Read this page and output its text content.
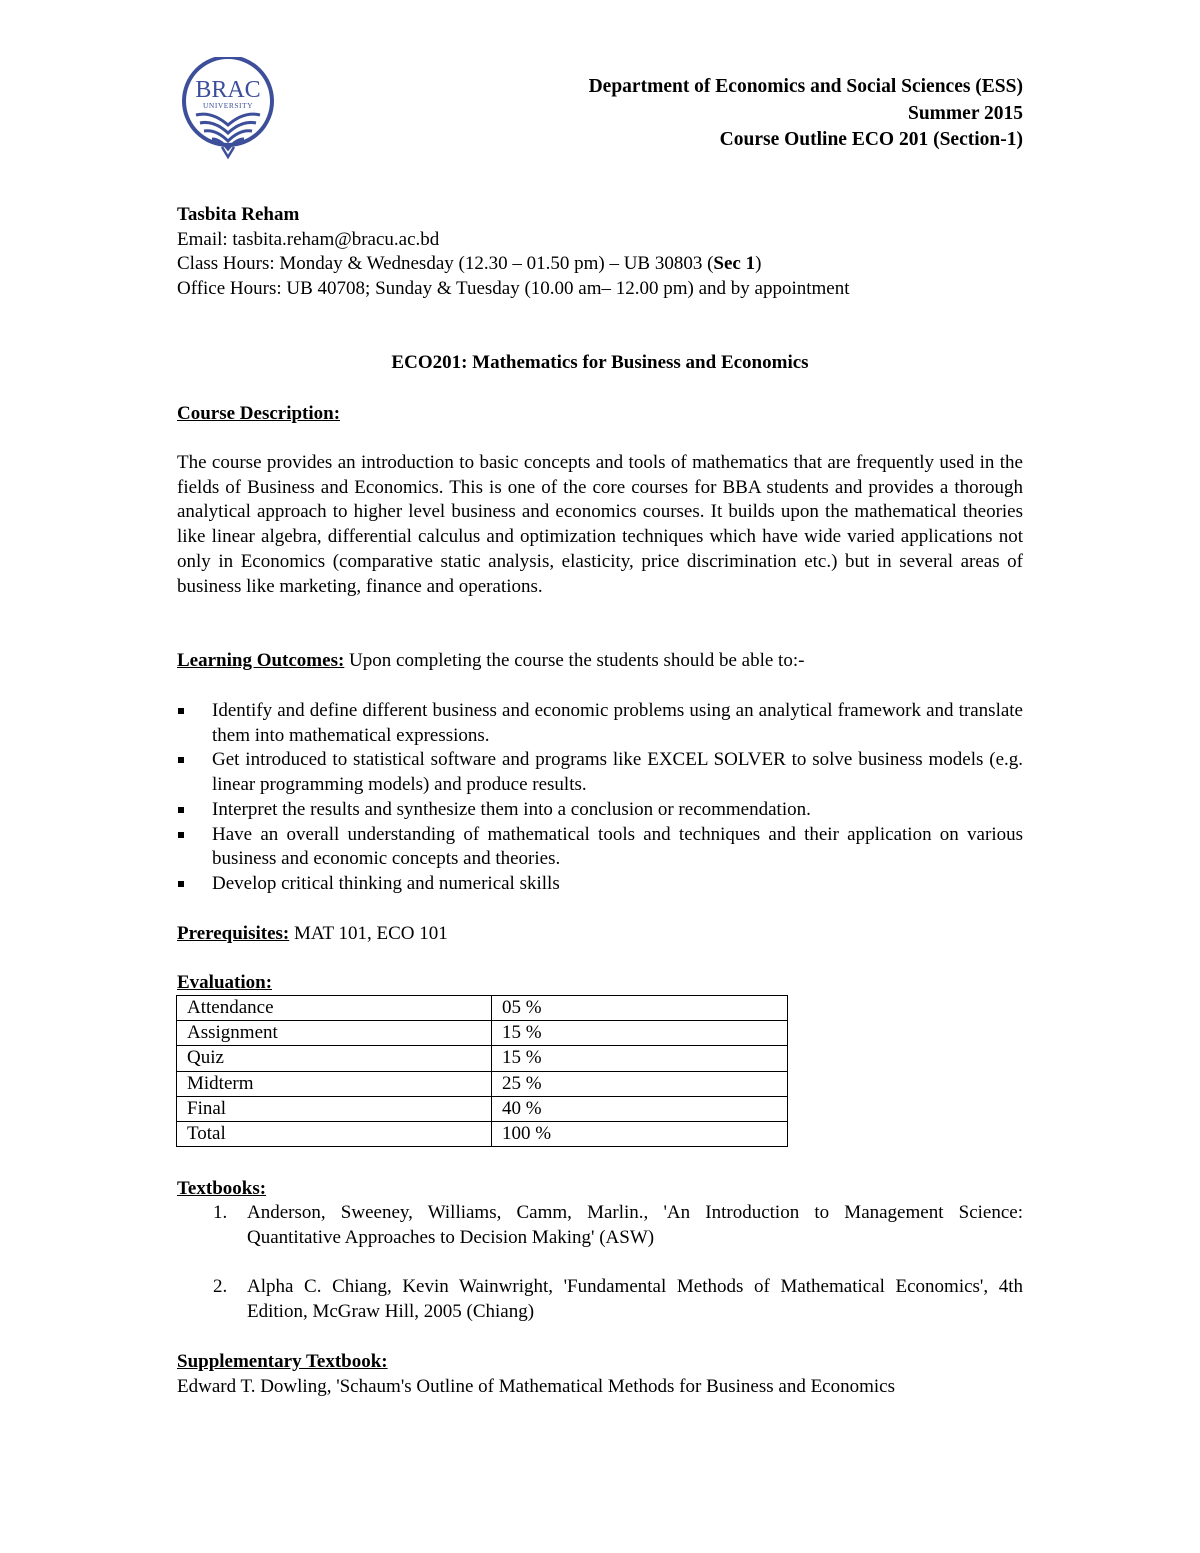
BRAC
UNIVERSITY
Department of Economics and Social Sciences (ESS)
Summer 2015
Course Outline ECO 201 (Section-1)
Tasbita Reham
Email: tasbita.reham@bracu.ac.bd
Class Hours: Monday & Wednesday (12.30 – 01.50 pm) – UB 30803 (Sec 1)
Office Hours: UB 40708; Sunday & Tuesday (10.00 am– 12.00 pm) and by appointment
ECO201: Mathematics for Business and Economics
Course Description:
The course provides an introduction to basic concepts and tools of mathematics that are frequently used in the fields of Business and Economics. This is one of the core courses for BBA students and provides a thorough analytical approach to higher level business and economics courses. It builds upon the mathematical theories like linear algebra, differential calculus and optimization techniques which have wide varied applications not only in Economics (comparative static analysis, elasticity, price discrimination etc.) but in several areas of business like marketing, finance and operations.
Learning Outcomes: Upon completing the course the students should be able to:-
Identify and define different business and economic problems using an analytical framework and translate them into mathematical expressions.
Get introduced to statistical software and programs like EXCEL SOLVER to solve business models (e.g. linear programming models) and produce results.
Interpret the results and synthesize them into a conclusion or recommendation.
Have an overall understanding of mathematical tools and techniques and their application on various business and economic concepts and theories.
Develop critical thinking and numerical skills
Prerequisites: MAT 101, ECO 101
Evaluation:
Attendance	05 %
Assignment	15 %
Quiz	15 %
Midterm	25 %
Final	40 %
Total	100 %
Textbooks:
1. Anderson, Sweeney, Williams, Camm, Marlin., 'An Introduction to Management Science: Quantitative Approaches to Decision Making' (ASW)
2. Alpha C. Chiang, Kevin Wainwright, 'Fundamental Methods of Mathematical Economics', 4th Edition, McGraw Hill, 2005 (Chiang)
Supplementary Textbook:
Edward T. Dowling, 'Schaum's Outline of Mathematical Methods for Business and Economics
